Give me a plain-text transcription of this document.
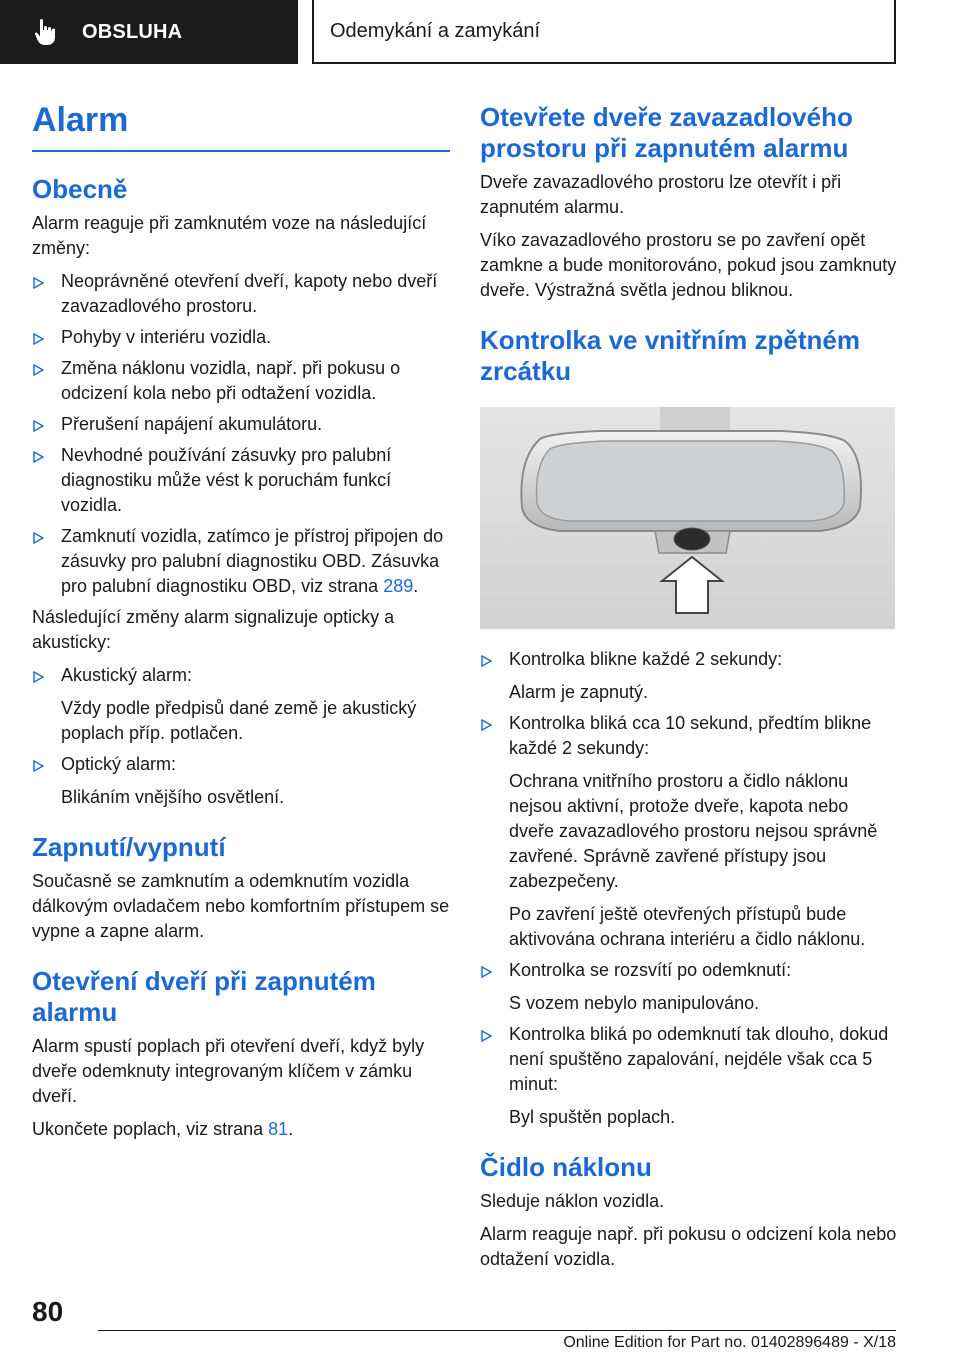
OBSLUHA	Odemykání a zamykání
Alarm
Obecně
Alarm reaguje při zamknutém voze na následující změny:
Neoprávněné otevření dveří, kapoty nebo dveří zavazadlového prostoru.
Pohyby v interiéru vozidla.
Změna náklonu vozidla, např. při pokusu o odcizení kola nebo při odtažení vozidla.
Přerušení napájení akumulátoru.
Nevhodné používání zásuvky pro palubní diagnostiku může vést k poruchám funkcí vozidla.
Zamknutí vozidla, zatímco je přístroj připojen do zásuvky pro palubní diagnostiku OBD. Zásuvka pro palubní diagnostiku OBD, viz strana 289.
Následující změny alarm signalizuje opticky a akusticky:
Akustický alarm:
Vždy podle předpisů dané země je akustický poplach příp. potlačen.
Optický alarm:
Blikáním vnějšího osvětlení.
Zapnutí/vypnutí
Současně se zamknutím a odemknutím vozidla dálkovým ovladačem nebo komfortním přístupem se vypne a zapne alarm.
Otevření dveří při zapnutém alarmu
Alarm spustí poplach při otevření dveří, když byly dveře odemknuty integrovaným klíčem v zámku dveří.
Ukončete poplach, viz strana 81.
Otevřete dveře zavazadlového prostoru při zapnutém alarmu
Dveře zavazadlového prostoru lze otevřít i při zapnutém alarmu.
Víko zavazadlového prostoru se po zavření opět zamkne a bude monitorováno, pokud jsou zamknuty dveře. Výstražná světla jednou bliknou.
Kontrolka ve vnitřním zpětném zrcátku
Kontrolka blikne každé 2 sekundy:
Alarm je zapnutý.
Kontrolka bliká cca 10 sekund, předtím blikne každé 2 sekundy:
Ochrana vnitřního prostoru a čidlo náklonu nejsou aktivní, protože dveře, kapota nebo dveře zavazadlového prostoru nejsou správně zavřené. Správně zavřené přístupy jsou zabezpečeny.
Po zavření ještě otevřených přístupů bude aktivována ochrana interiéru a čidlo náklonu.
Kontrolka se rozsvítí po odemknutí:
S vozem nebylo manipulováno.
Kontrolka bliká po odemknutí tak dlouho, dokud není spuštěno zapalování, nejdéle však cca 5 minut:
Byl spuštěn poplach.
Čidlo náklonu
Sleduje náklon vozidla.
Alarm reaguje např. při pokusu o odcizení kola nebo odtažení vozidla.
80
Online Edition for Part no. 01402896489 - X/18
